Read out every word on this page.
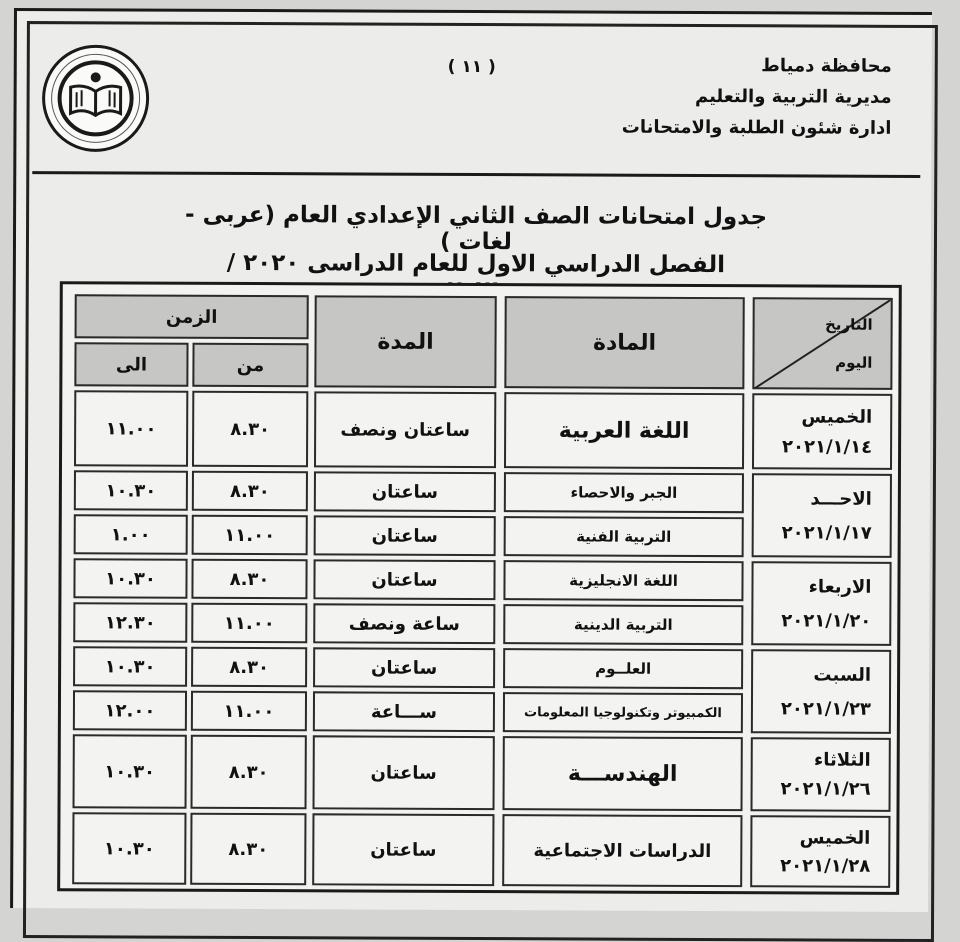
( ١١ )	محافظة دمياط
مديرية التربية والتعليم
ادارة شئون الطلبة والامتحانات
جدول امتحانات الصف الثاني الإعدادي العام (عربى - لغات )
الفصل الدراسي الاول للعام الدراسى ٢٠٢٠ /
التاريخ
اليوم
المادة
المدة
الزمن
من
الى
الخميس
٢٠٢١/١/١٤
اللغة العربية
ساعتان ونصف
٨.٣٠
١١.٠٠
الاحـــد
٢٠٢١/١/١٧
الجبر والاحصاء
ساعتان
٨.٣٠
١٠.٣٠
التربية الفنية
ساعتان
١١.٠٠
١.٠٠
الاربعاء
٢٠٢١/١/٢٠
اللغة الانجليزية
ساعتان
٨.٣٠
١٠.٣٠
التربية الدينية
ساعة ونصف
١١.٠٠
١٢.٣٠
السبت
٢٠٢١/١/٢٣
العلــوم
ساعتان
٨.٣٠
١٠.٣٠
الكمبيوتر وتكنولوجيا المعلومات
ســـاعة
١١.٠٠
١٢.٠٠
الثلاثاء
٢٠٢١/١/٢٦
الهندســـة
ساعتان
٨.٣٠
١٠.٣٠
الخميس
٢٠٢١/١/٢٨
الدراسات الاجتماعية
ساعتان
٨.٣٠
١٠.٣٠
